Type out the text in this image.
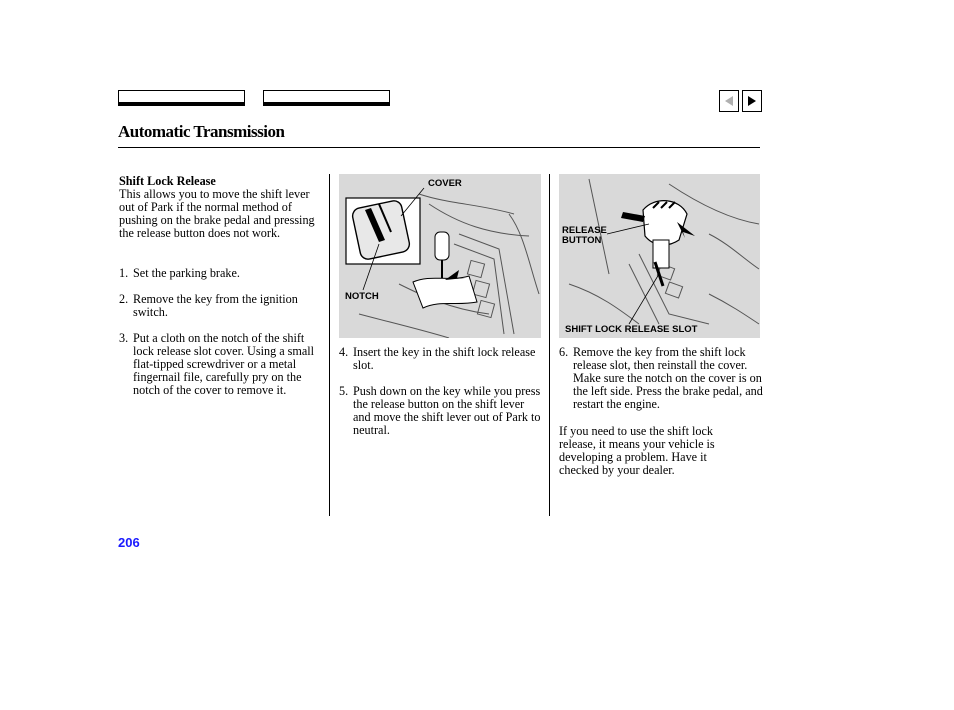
Automatic Transmission

Shift Lock Release

This allows you to move the shift lever out of Park if the normal method of pushing on the brake pedal and pressing the release button does not work.

1. Set the parking brake.
2. Remove the key from the ignition switch.
3. Put a cloth on the notch of the shift lock release slot cover. Using a small flat-tipped screwdriver or a metal fingernail file, carefully pry on the notch of the cover to remove it.
COVER
NOTCH
RELEASE
BUTTON
SHIFT LOCK RELEASE SLOT
4. Insert the key in the shift lock release slot.
5. Push down on the key while you press the release button on the shift lever and move the shift lever out of Park to neutral.
6. Remove the key from the shift lock release slot, then reinstall the cover. Make sure the notch on the cover is on the left side. Press the brake pedal, and restart the engine.
If you need to use the shift lock release, it means your vehicle is developing a problem. Have it checked by your dealer.
206
